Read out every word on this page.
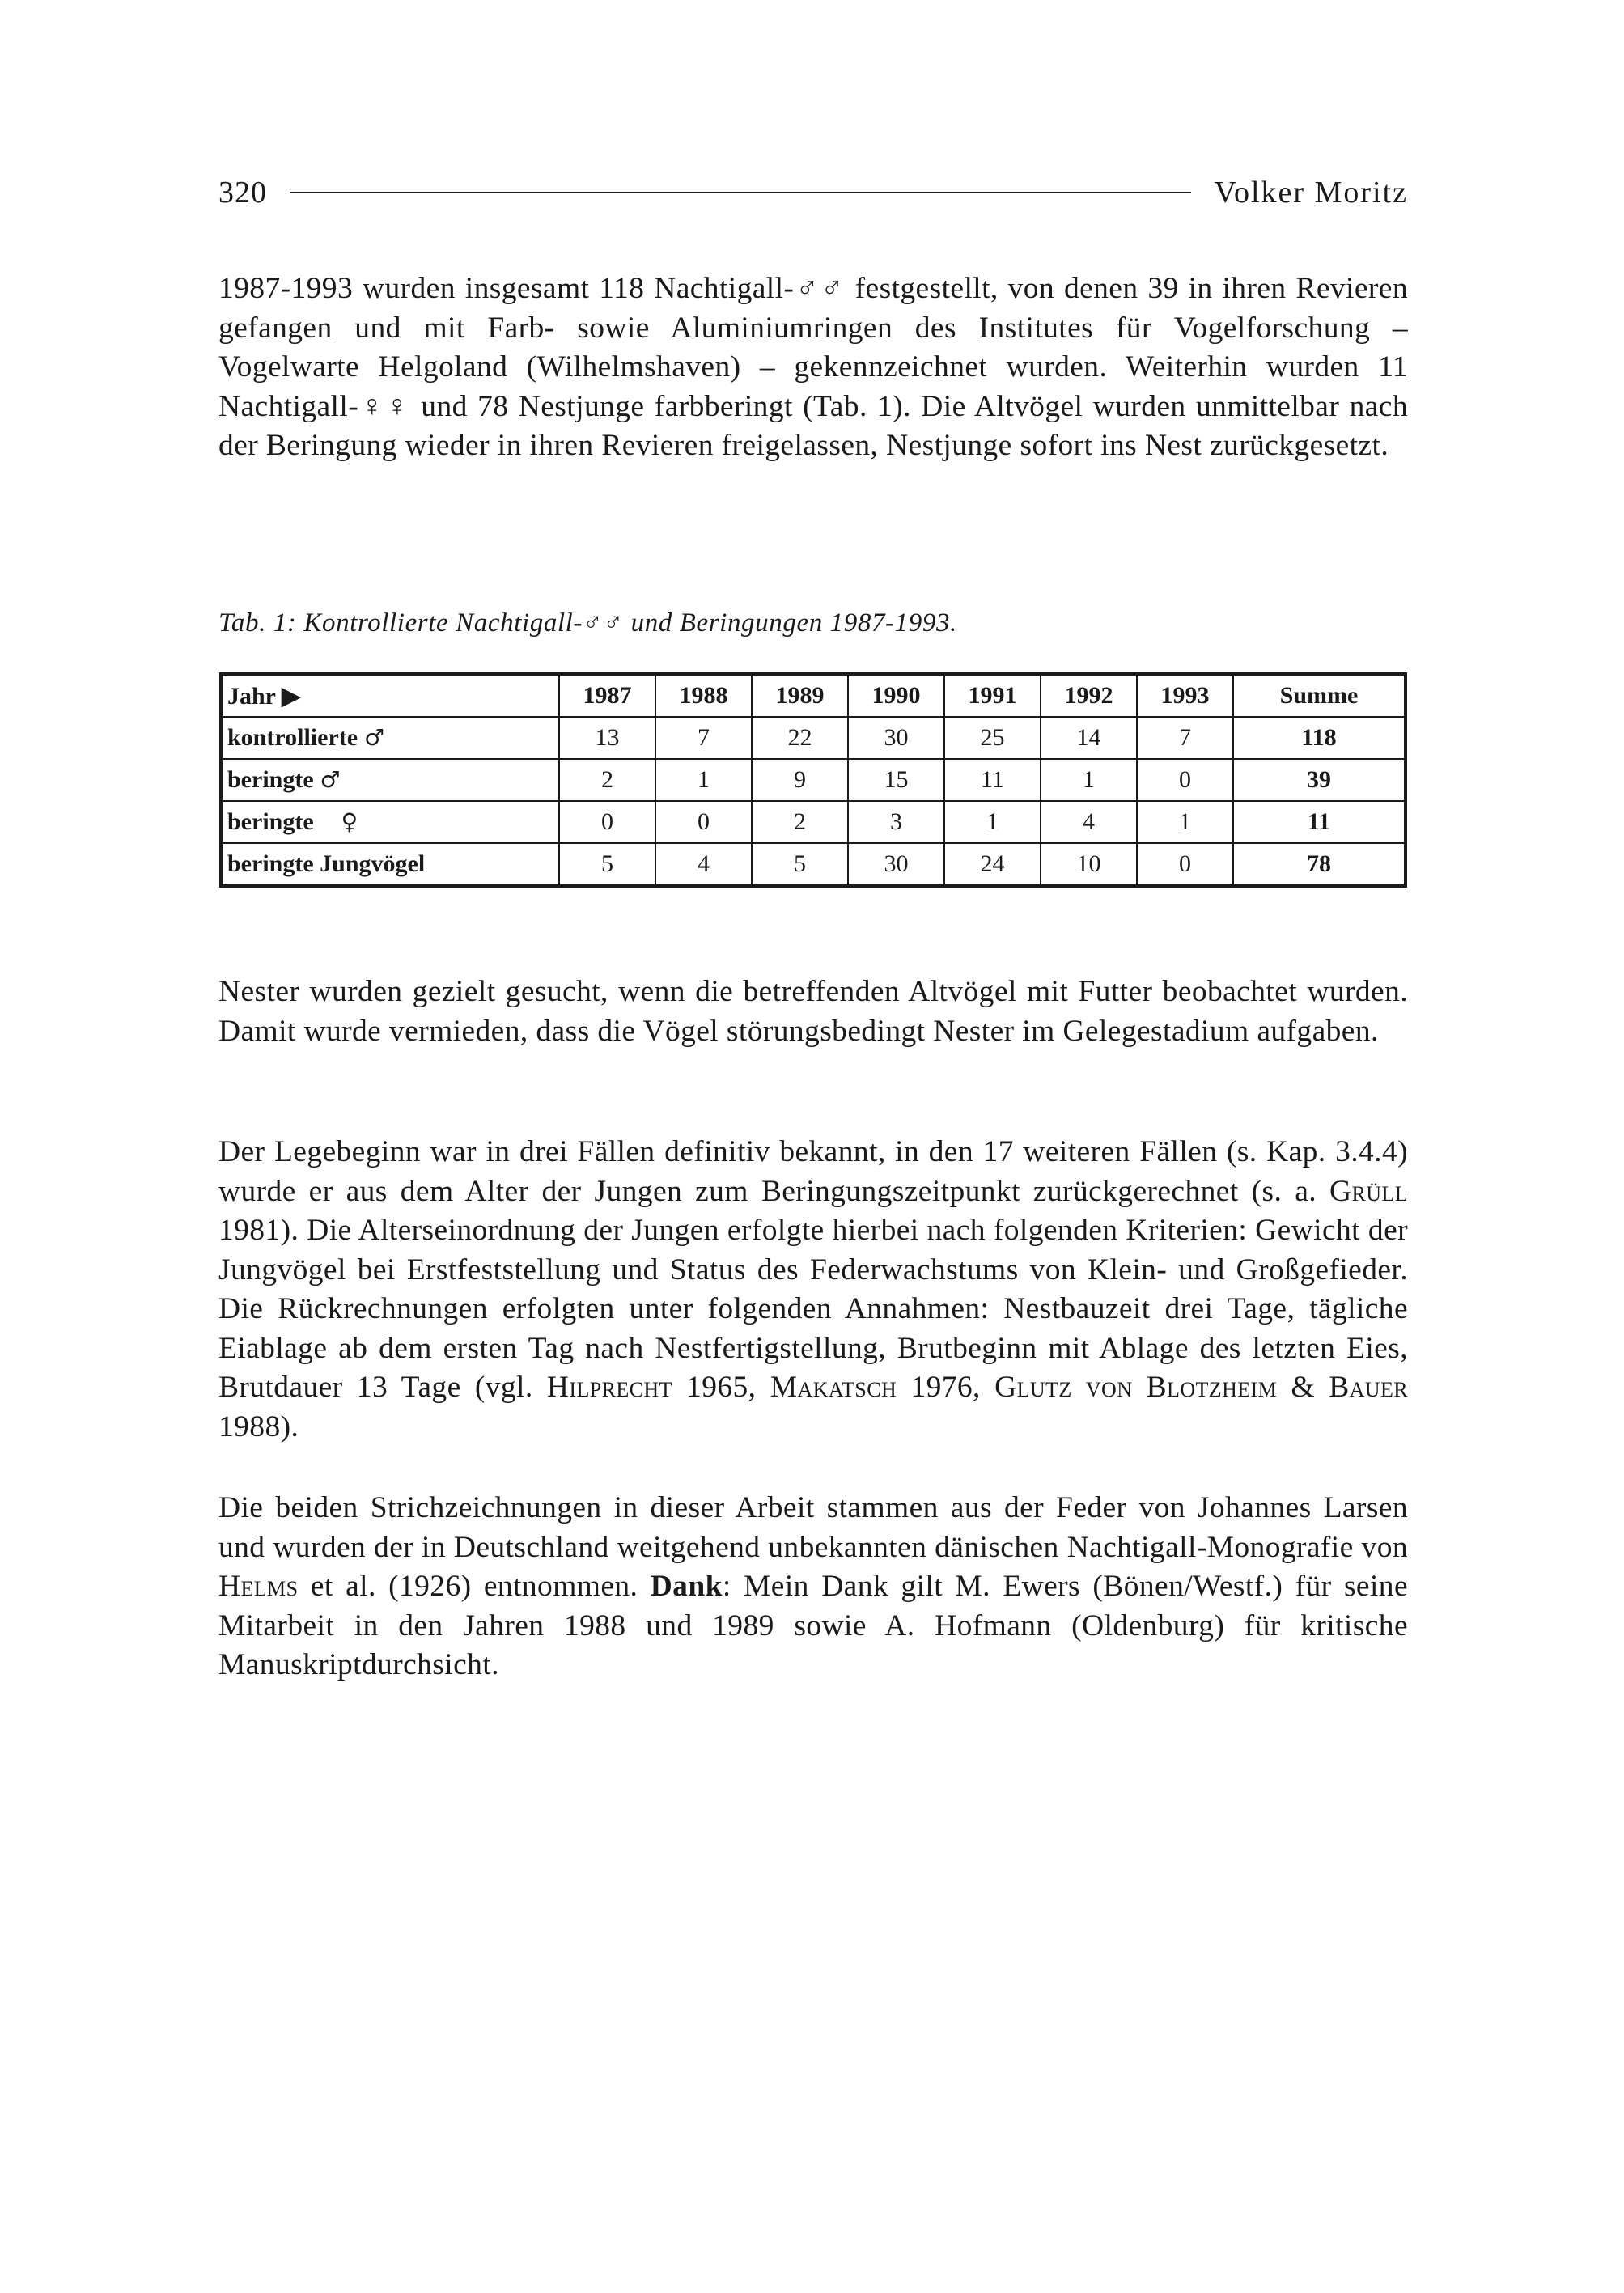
320	Volker Moritz

1987-1993 wurden insgesamt 118 Nachtigall-♂♂ festgestellt, von denen 39 in ihren Revieren gefangen und mit Farb- sowie Aluminiumringen des Institutes für Vogelforschung – Vogelwarte Helgoland (Wilhelmshaven) – gekennzeichnet wurden. Weiterhin wurden 11 Nachtigall-♀♀ und 78 Nestjunge farbberingt (Tab. 1). Die Altvögel wurden unmittelbar nach der Beringung wieder in ihren Revieren freigelassen, Nestjunge sofort ins Nest zurückgesetzt.

Tab. 1: Kontrollierte Nachtigall-♂♂ und Beringungen 1987-1993.

Jahr ▶	1987	1988	1989	1990	1991	1992	1993	Summe
kontrollierte ♂	13	7	22	30	25	14	7	118
beringte ♂	2	1	9	15	11	1	0	39
beringte ♀	0	0	2	3	1	4	1	11
beringte Jungvögel	5	4	5	30	24	10	0	78

Nester wurden gezielt gesucht, wenn die betreffenden Altvögel mit Futter beobachtet wurden. Damit wurde vermieden, dass die Vögel störungsbedingt Nester im Gelegestadium aufgaben.

Der Legebeginn war in drei Fällen definitiv bekannt, in den 17 weiteren Fällen (s. Kap. 3.4.4) wurde er aus dem Alter der Jungen zum Beringungszeitpunkt zurückgerechnet (s. a. Grüll 1981). Die Alterseinordnung der Jungen erfolgte hierbei nach folgenden Kriterien: Gewicht der Jungvögel bei Erstfeststellung und Status des Federwachstums von Klein- und Großgefieder. Die Rückrechnungen erfolgten unter folgenden Annahmen: Nestbauzeit drei Tage, tägliche Eiablage ab dem ersten Tag nach Nestfertigstellung, Brutbeginn mit Ablage des letzten Eies, Brutdauer 13 Tage (vgl. Hilprecht 1965, Makatsch 1976, Glutz von Blotzheim & Bauer 1988).

Die beiden Strichzeichnungen in dieser Arbeit stammen aus der Feder von Johannes Larsen und wurden der in Deutschland weitgehend unbekannten dänischen Nachtigall-Monografie von Helms et al. (1926) entnommen. Dank: Mein Dank gilt M. Ewers (Bönen/Westf.) für seine Mitarbeit in den Jahren 1988 und 1989 sowie A. Hofmann (Oldenburg) für kritische Manuskriptdurchsicht.
